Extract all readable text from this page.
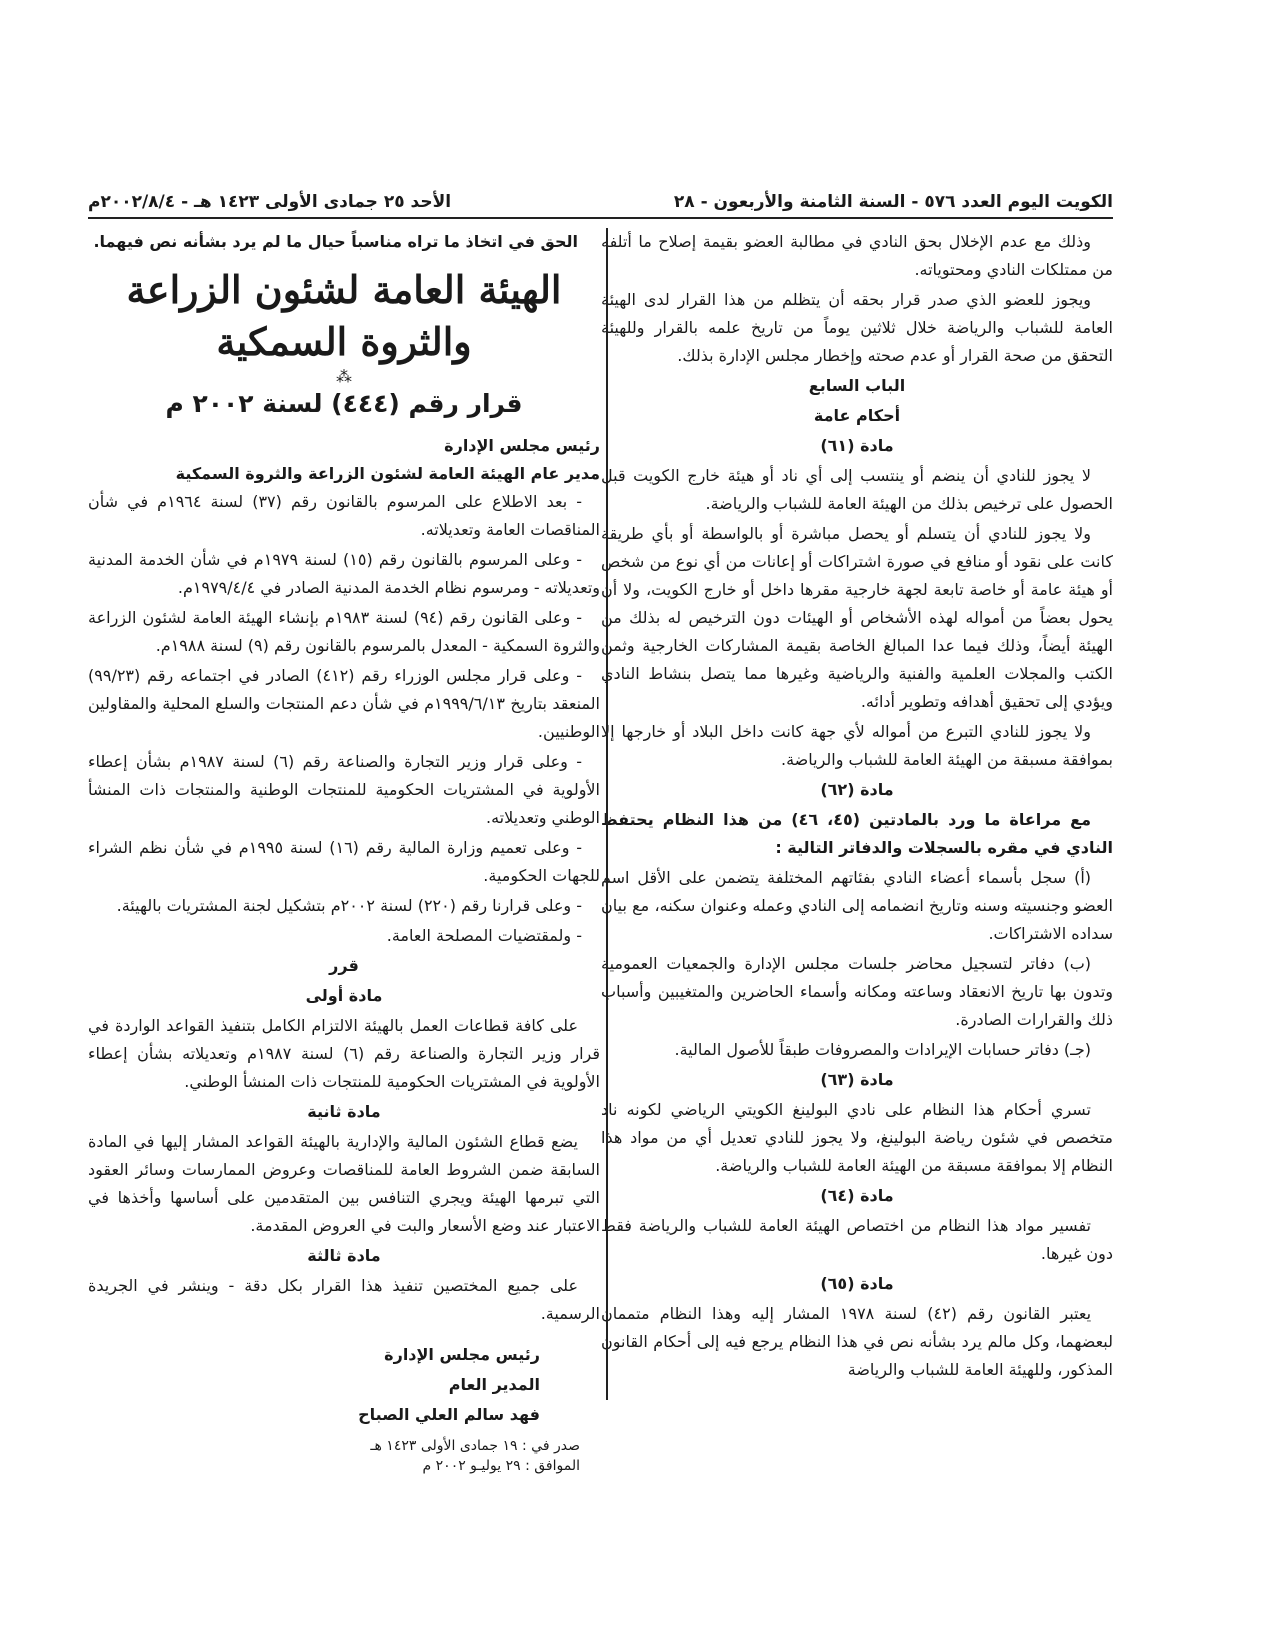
الكويت اليوم العدد ٥٧٦ - السنة الثامنة والأربعون - ٢٨
الأحد ٢٥ جمادى الأولى ١٤٢٣ هـ - ٢٠٠٢/٨/٤م

وذلك مع عدم الإخلال بحق النادي في مطالبة العضو بقيمة إصلاح ما أتلفه من ممتلكات النادي ومحتوياته.

ويجوز للعضو الذي صدر قرار بحقه أن يتظلم من هذا القرار لدى الهيئة العامة للشباب والرياضة خلال ثلاثين يوماً من تاريخ علمه بالقرار وللهيئة التحقق من صحة القرار أو عدم صحته وإخطار مجلس الإدارة بذلك.

الباب السابع
أحكام عامة
مادة (٦١)

لا يجوز للنادي أن ينضم أو ينتسب إلى أي ناد أو هيئة خارج الكويت قبل الحصول على ترخيص بذلك من الهيئة العامة للشباب والرياضة.

ولا يجوز للنادي أن يتسلم أو يحصل مباشرة أو بالواسطة أو بأي طريقة كانت على نقود أو منافع في صورة اشتراكات أو إعانات من أي نوع من شخص أو هيئة عامة أو خاصة تابعة لجهة خارجية مقرها داخل أو خارج الكويت، ولا أن يحول بعضاً من أمواله لهذه الأشخاص أو الهيئات دون الترخيص له بذلك من الهيئة أيضاً، وذلك فيما عدا المبالغ الخاصة بقيمة المشاركات الخارجية وثمن الكتب والمجلات العلمية والفنية والرياضية وغيرها مما يتصل بنشاط النادي ويؤدي إلى تحقيق أهدافه وتطوير أدائه.

ولا يجوز للنادي التبرع من أمواله لأي جهة كانت داخل البلاد أو خارجها إلا بموافقة مسبقة من الهيئة العامة للشباب والرياضة.

مادة (٦٢)

مع مراعاة ما ورد بالمادتين (٤٥، ٤٦) من هذا النظام يحتفظ النادي في مقره بالسجلات والدفاتر التالية :

(أ) سجل بأسماء أعضاء النادي بفئاتهم المختلفة يتضمن على الأقل اسم العضو وجنسيته وسنه وتاريخ انضمامه إلى النادي وعمله وعنوان سكنه، مع بيان سداده الاشتراكات.

(ب) دفاتر لتسجيل محاضر جلسات مجلس الإدارة والجمعيات العمومية وتدون بها تاريخ الانعقاد وساعته ومكانه وأسماء الحاضرين والمتغيبين وأسباب ذلك والقرارات الصادرة.

(جـ) دفاتر حسابات الإيرادات والمصروفات طبقاً للأصول المالية.

مادة (٦٣)

تسري أحكام هذا النظام على نادي البولينغ الكويتي الرياضي لكونه ناد متخصص في شئون رياضة البولينغ، ولا يجوز للنادي تعديل أي من مواد هذا النظام إلا بموافقة مسبقة من الهيئة العامة للشباب والرياضة.

مادة (٦٤)

تفسير مواد هذا النظام من اختصاص الهيئة العامة للشباب والرياضة فقط دون غيرها.

مادة (٦٥)

يعتبر القانون رقم (٤٢) لسنة ١٩٧٨ المشار إليه وهذا النظام متممان لبعضهما، وكل مالم يرد بشأنه نص في هذا النظام يرجع فيه إلى أحكام القانون المذكور، وللهيئة العامة للشباب والرياضة

الحق في اتخاذ ما تراه مناسباً حيال ما لم يرد بشأنه نص فيهما.

الهيئة العامة لشئون الزراعة والثروة السمكية
⁂
قرار رقم (٤٤٤) لسنة ٢٠٠٢ م
رئيس مجلس الإدارة
مدير عام الهيئة العامة لشئون الزراعة والثروة السمكية

- بعد الاطلاع على المرسوم بالقانون رقم (٣٧) لسنة ١٩٦٤م في شأن المناقصات العامة وتعديلاته.

- وعلى المرسوم بالقانون رقم (١٥) لسنة ١٩٧٩م في شأن الخدمة المدنية وتعديلاته - ومرسوم نظام الخدمة المدنية الصادر في ١٩٧٩/٤/٤م.

- وعلى القانون رقم (٩٤) لسنة ١٩٨٣م بإنشاء الهيئة العامة لشئون الزراعة والثروة السمكية - المعدل بالمرسوم بالقانون رقم (٩) لسنة ١٩٨٨م.

- وعلى قرار مجلس الوزراء رقم (٤١٢) الصادر في اجتماعه رقم (٩٩/٢٣) المنعقد بتاريخ ١٩٩٩/٦/١٣م في شأن دعم المنتجات والسلع المحلية والمقاولين الوطنيين.

- وعلى قرار وزير التجارة والصناعة رقم (٦) لسنة ١٩٨٧م بشأن إعطاء الأولوية في المشتريات الحكومية للمنتجات الوطنية والمنتجات ذات المنشأ الوطني وتعديلاته.

- وعلى تعميم وزارة المالية رقم (١٦) لسنة ١٩٩٥م في شأن نظم الشراء للجهات الحكومية.

- وعلى قرارنا رقم (٢٢٠) لسنة ٢٠٠٢م بتشكيل لجنة المشتريات بالهيئة.

- ولمقتضيات المصلحة العامة.

قرر
مادة أولى

على كافة قطاعات العمل بالهيئة الالتزام الكامل بتنفيذ القواعد الواردة في قرار وزير التجارة والصناعة رقم (٦) لسنة ١٩٨٧م وتعديلاته بشأن إعطاء الأولوية في المشتريات الحكومية للمنتجات ذات المنشأ الوطني.

مادة ثانية

يضع قطاع الشئون المالية والإدارية بالهيئة القواعد المشار إليها في المادة السابقة ضمن الشروط العامة للمناقصات وعروض الممارسات وسائر العقود التي تبرمها الهيئة ويجري التنافس بين المتقدمين على أساسها وأخذها في الاعتبار عند وضع الأسعار والبت في العروض المقدمة.

مادة ثالثة

على جميع المختصين تنفيذ هذا القرار بكل دقة - وينشر في الجريدة الرسمية.

رئيس مجلس الإدارة
المدير العام
فهد سالم العلي الصباح
صدر في : ١٩ جمادى الأولى ١٤٢٣ هـ
الموافق : ٢٩ يوليـو ٢٠٠٢ م
